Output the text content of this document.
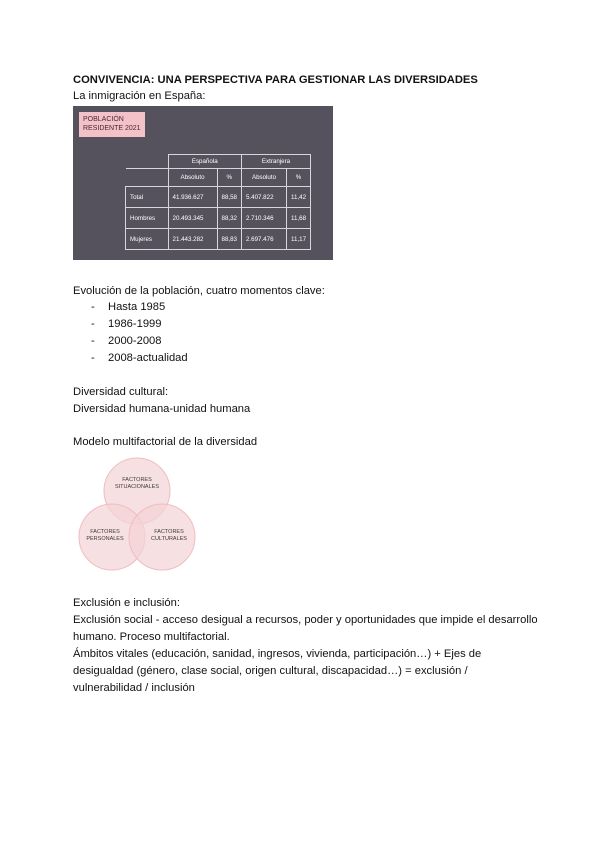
CONVIVENCIA: UNA PERSPECTIVA PARA GESTIONAR LAS DIVERSIDADES
La inmigración en España:
POBLACIÓN
RESIDENTE 2021
	Española		Extranjera	
	Absoluto	%	Absoluto	%
Total	41.936.627	88,58	5.407.822	11,42
Hombres	20.493.345	88,32	2.710.346	11,68
Mujeres	21.443.282	88,83	2.697.476	11,17
Evolución de la población, cuatro momentos clave:
- Hasta 1985
- 1986-1999
- 2000-2008
- 2008-actualidad
Diversidad cultural:
Diversidad humana-unidad humana
Modelo multifactorial de la diversidad
FACTORES
SITUACIONALES
FACTORES
PERSONALES
FACTORES
CULTURALES
Exclusión e inclusión:
Exclusión social - acceso desigual a recursos, poder y oportunidades que impide el desarrollo
humano. Proceso multifactorial.
Ámbitos vitales (educación, sanidad, ingresos, vivienda, participación…) + Ejes de
desigualdad (género, clase social, origen cultural, discapacidad…) = exclusión /
vulnerabilidad / inclusión
